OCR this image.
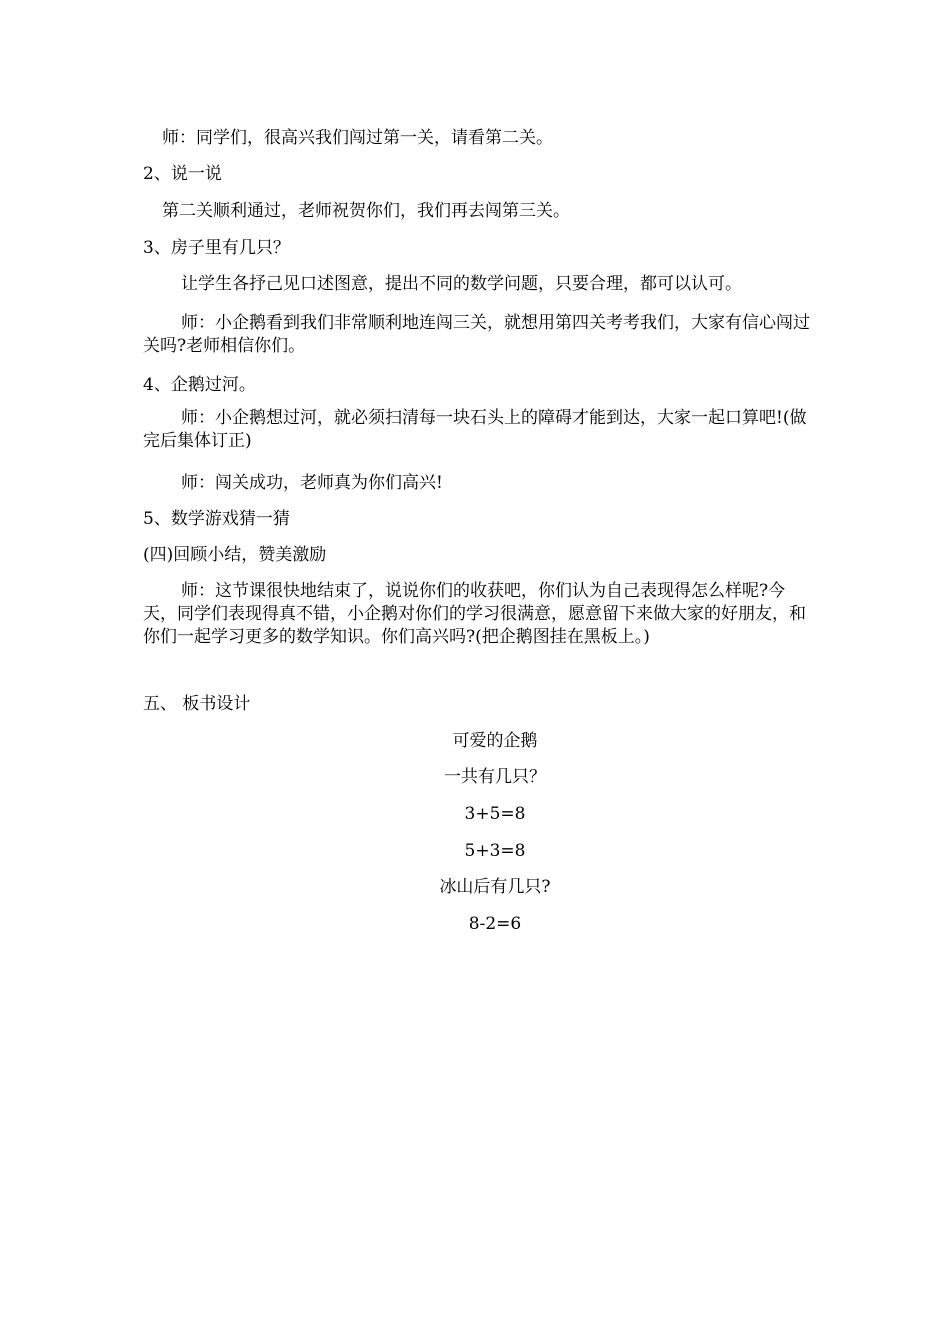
师：同学们，很高兴我们闯过第一关，请看第二关。
2、说一说
第二关顺利通过，老师祝贺你们，我们再去闯第三关。
3、房子里有几只？
让学生各抒己见口述图意，提出不同的数学问题，只要合理，都可以认可。
师：小企鹅看到我们非常顺利地连闯三关，就想用第四关考考我们，大家有信心闯过关吗?老师相信你们。
4、企鹅过河。
师：小企鹅想过河，就必须扫清每一块石头上的障碍才能到达，大家一起口算吧!(做完后集体订正)
师：闯关成功，老师真为你们高兴!
5、数学游戏猜一猜
(四)回顾小结，赞美激励
师：这节课很快地结束了，说说你们的收获吧，你们认为自己表现得怎么样呢?今天，同学们表现得真不错，小企鹅对你们的学习很满意，愿意留下来做大家的好朋友，和你们一起学习更多的数学知识。你们高兴吗?(把企鹅图挂在黑板上。)
五、 板书设计
可爱的企鹅
一共有几只？
3+5=8
5+3=8
冰山后有几只?
8-2=6
